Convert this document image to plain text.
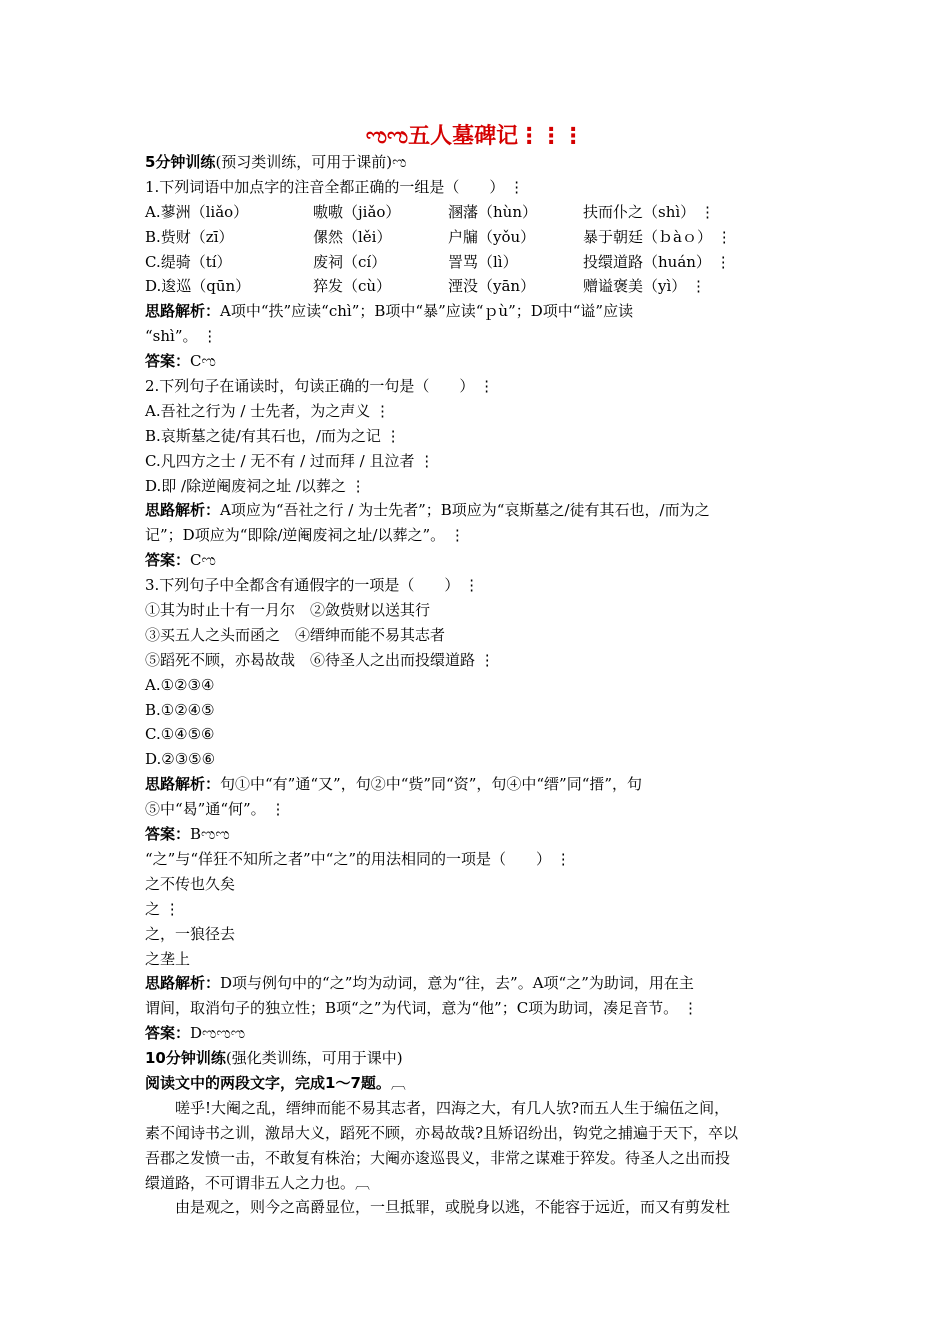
ಌಌ五人墓碑记⋮⋮⋮
5分钟训练(预习类训练，可用于课前)ಌ
1.下列词语中加点字的注音全都正确的一组是（　　） ⋮
A.蓼洲（liǎo）	嗷嗷（jiǎo）	溷藩（hùn）	扶而仆之（shì） ⋮
B.赀财（zī）	傫然（lěi）	户牖（yǒu）	暴于朝廷（ｂàｏ） ⋮
C.缇骑（tí）	废祠（cí）	詈骂（lì）	投缳道路（huán） ⋮
D.逡巡（qūn）	猝发（cù）	湮没（yān）	赠谥褒美（yì） ⋮
思路解析：A项中“抶”应读“chì”；B项中“暴”应读“ｐù”；D项中“谥”应读
“shì”。 ⋮
答案：Cಌ
2.下列句子在诵读时，句读正确的一句是（　　） ⋮
A.吾社之行为 / 士先者，为之声义 ⋮
B.哀斯墓之徒/有其石也，/而为之记 ⋮
C.凡四方之士 / 无不有 / 过而拜 / 且泣者 ⋮
D.即 /除逆阉废祠之址 /以葬之 ⋮
思路解析：A项应为“吾社之行 / 为士先者”；B项应为“哀斯墓之/徒有其石也，/而为之
记”；D项应为“即除/逆阉废祠之址/以葬之”。 ⋮
答案：Cಌ
3.下列句子中全都含有通假字的一项是（　　） ⋮
①其为时止十有一月尔　②敛赀财以送其行
③买五人之头而函之　④缙绅而能不易其志者
⑤蹈死不顾，亦曷故哉　⑥待圣人之出而投缳道路 ⋮
A.①②③④
B.①②④⑤
C.①④⑤⑥
D.②③⑤⑥
思路解析：句①中“有”通“又”，句②中“赀”同“资”，句④中“缙”同“搢”，句
⑤中“曷”通“何”。 ⋮
答案：Bಌಌ
“之”与“佯狂不知所之者”中“之”的用法相同的一项是（　　） ⋮
之不传也久矣
之 ⋮
之，一狼径去
之垄上
思路解析：D项与例句中的“之”均为动词，意为“往，去”。A项“之”为助词，用在主
谓间，取消句子的独立性；B项“之”为代词，意为“他”；C项为助词，凑足音节。 ⋮
答案：Dಌಌಌ
10分钟训练(强化类训练，可用于课中)
阅读文中的两段文字，完成1～7题。︹
嗟乎!大阉之乱，缙绅而能不易其志者，四海之大，有几人欤?而五人生于编伍之间，
素不闻诗书之训，激昂大义，蹈死不顾，亦曷故哉?且矫诏纷出，钩党之捕遍于天下，卒以
吾郡之发愤一击，不敢复有株治；大阉亦逡巡畏义，非常之谋难于猝发。待圣人之出而投
缳道路，不可谓非五人之力也。︹
由是观之，则今之高爵显位，一旦抵罪，或脱身以逃，不能容于远近，而又有剪发杜
